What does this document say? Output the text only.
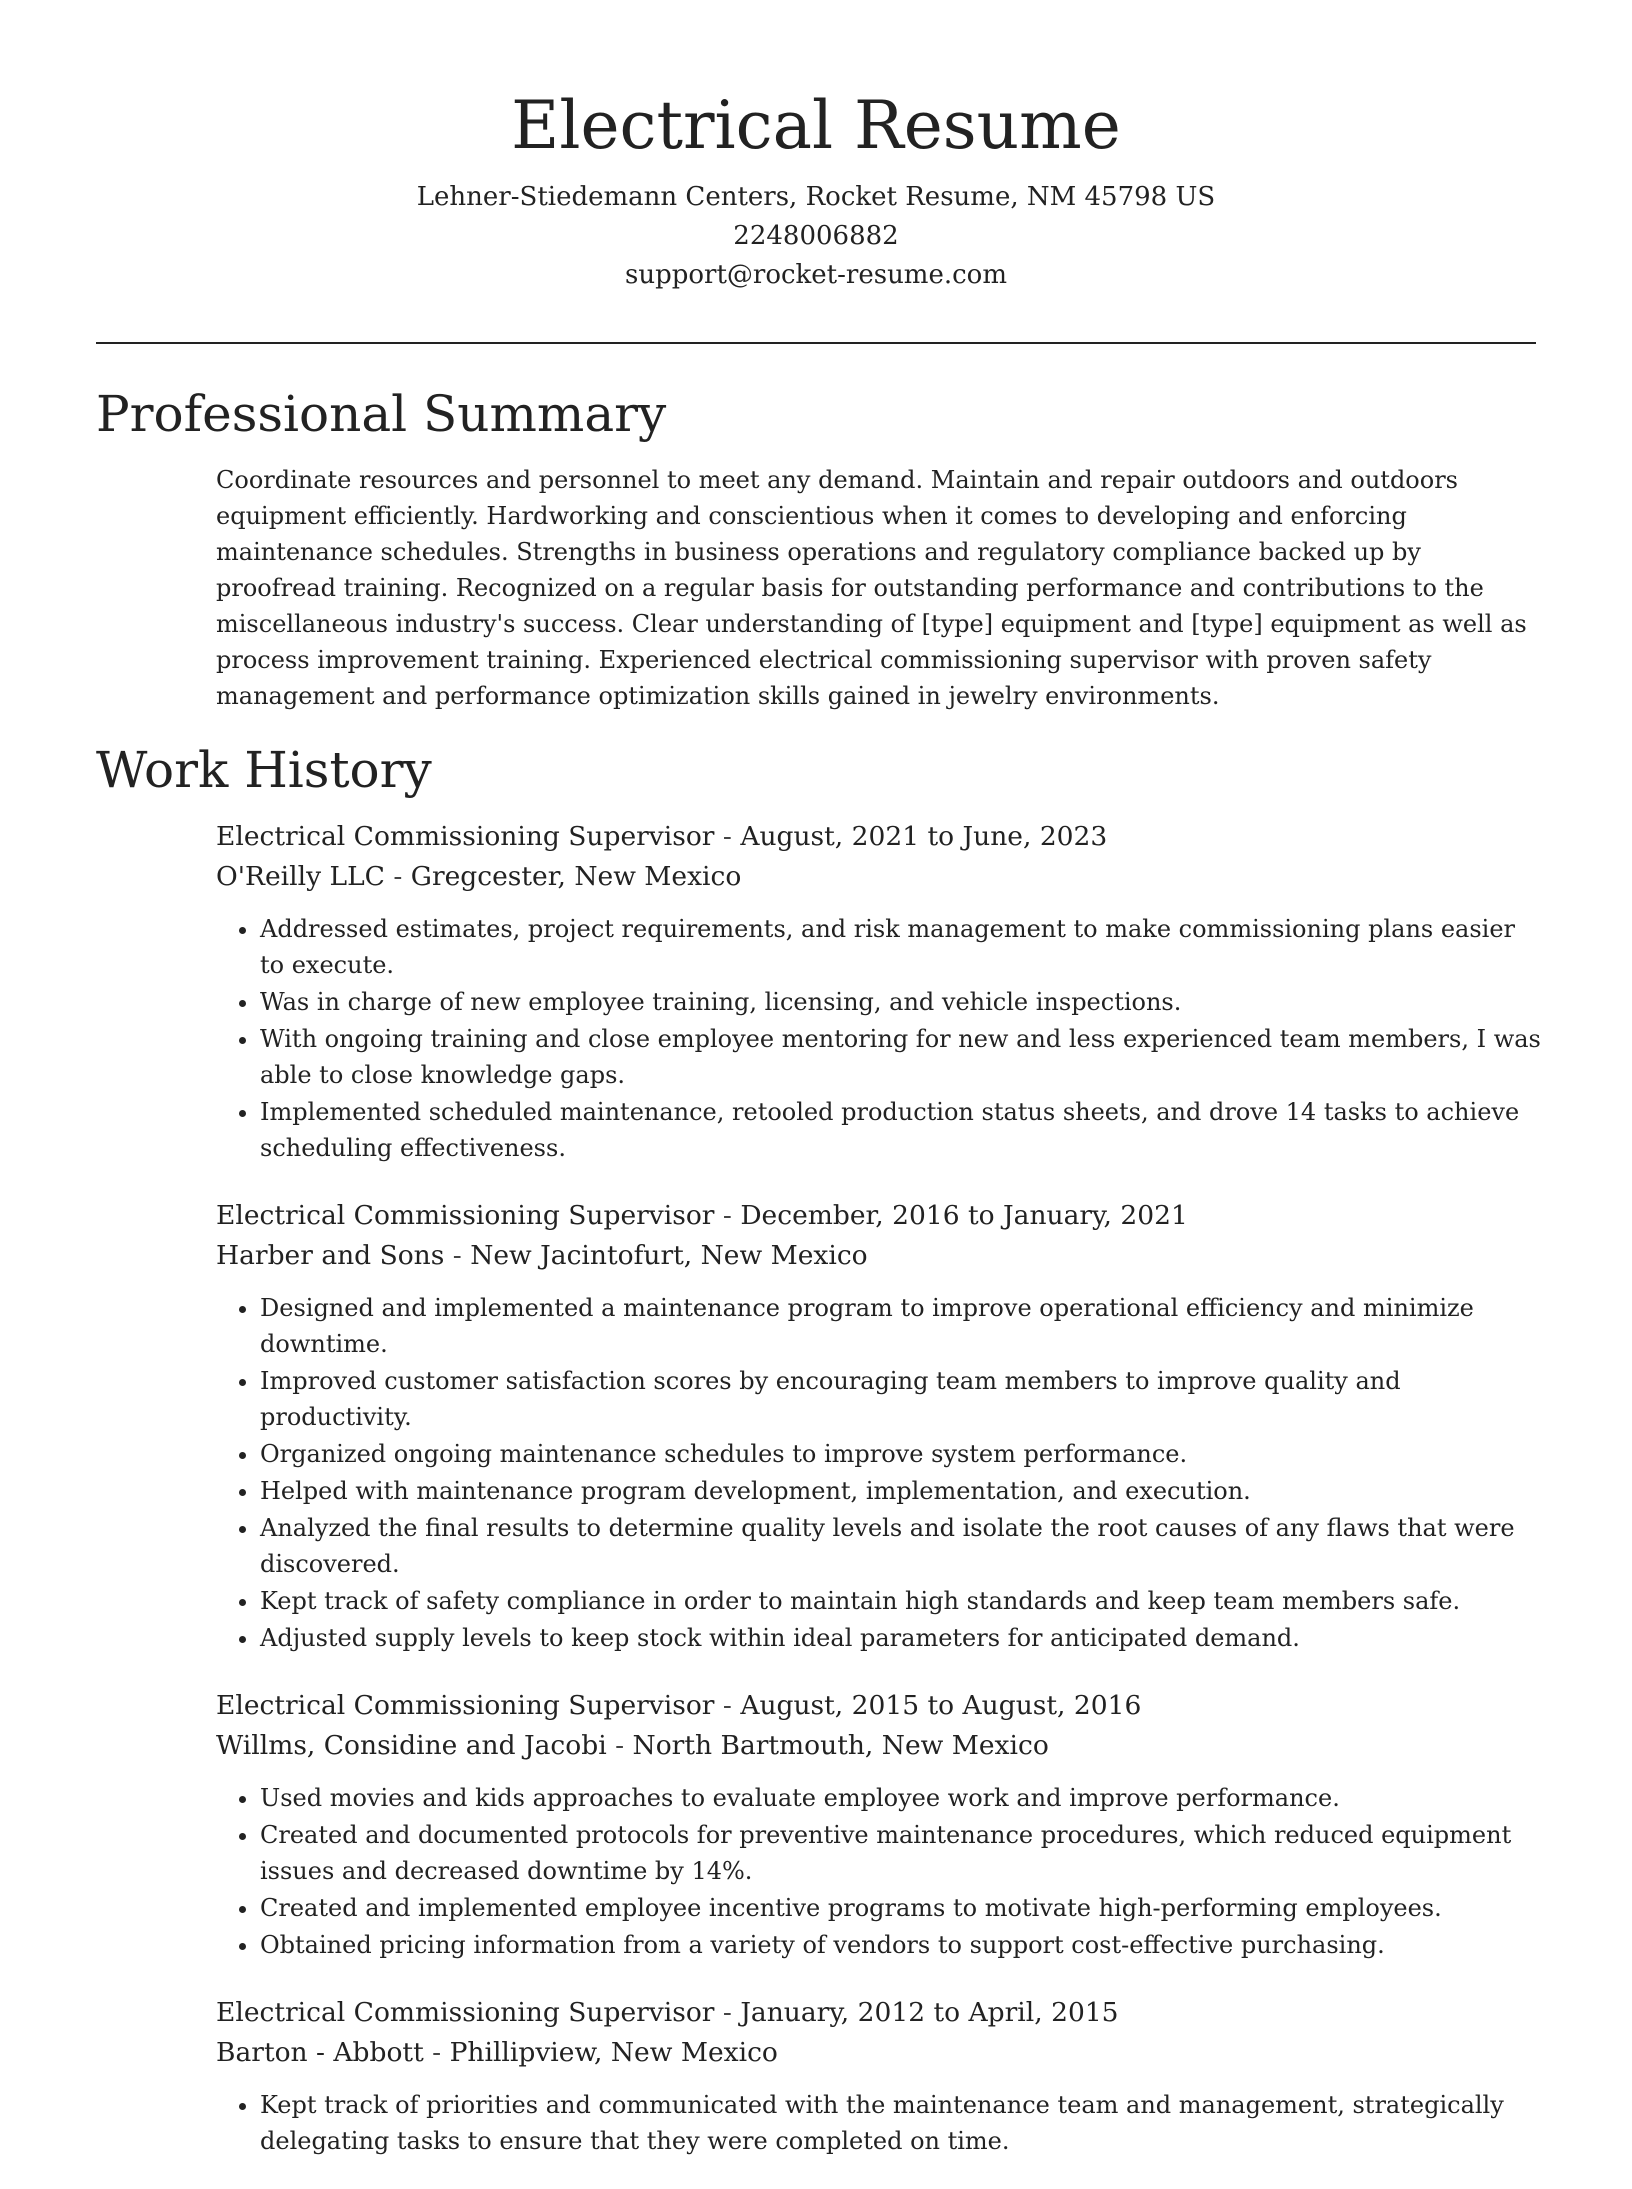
Electrical Resume
Lehner-Stiedemann Centers, Rocket Resume, NM 45798 US
2248006882
support@rocket-resume.com
Professional Summary
Coordinate resources and personnel to meet any demand. Maintain and repair outdoors and outdoors equipment efficiently. Hardworking and conscientious when it comes to developing and enforcing maintenance schedules. Strengths in business operations and regulatory compliance backed up by proofread training. Recognized on a regular basis for outstanding performance and contributions to the miscellaneous industry's success. Clear understanding of [type] equipment and [type] equipment as well as process improvement training. Experienced electrical commissioning supervisor with proven safety management and performance optimization skills gained in jewelry environments.
Work History
Electrical Commissioning Supervisor - August, 2021 to June, 2023
O'Reilly LLC - Gregcester, New Mexico
• Addressed estimates, project requirements, and risk management to make commissioning plans easier to execute.
• Was in charge of new employee training, licensing, and vehicle inspections.
• With ongoing training and close employee mentoring for new and less experienced team members, I was able to close knowledge gaps.
• Implemented scheduled maintenance, retooled production status sheets, and drove 14 tasks to achieve scheduling effectiveness.
Electrical Commissioning Supervisor - December, 2016 to January, 2021
Harber and Sons - New Jacintofurt, New Mexico
• Designed and implemented a maintenance program to improve operational efficiency and minimize downtime.
• Improved customer satisfaction scores by encouraging team members to improve quality and productivity.
• Organized ongoing maintenance schedules to improve system performance.
• Helped with maintenance program development, implementation, and execution.
• Analyzed the final results to determine quality levels and isolate the root causes of any flaws that were discovered.
• Kept track of safety compliance in order to maintain high standards and keep team members safe.
• Adjusted supply levels to keep stock within ideal parameters for anticipated demand.
Electrical Commissioning Supervisor - August, 2015 to August, 2016
Willms, Considine and Jacobi - North Bartmouth, New Mexico
• Used movies and kids approaches to evaluate employee work and improve performance.
• Created and documented protocols for preventive maintenance procedures, which reduced equipment issues and decreased downtime by 14%.
• Created and implemented employee incentive programs to motivate high-performing employees.
• Obtained pricing information from a variety of vendors to support cost-effective purchasing.
Electrical Commissioning Supervisor - January, 2012 to April, 2015
Barton - Abbott - Phillipview, New Mexico
• Kept track of priorities and communicated with the maintenance team and management, strategically delegating tasks to ensure that they were completed on time.
